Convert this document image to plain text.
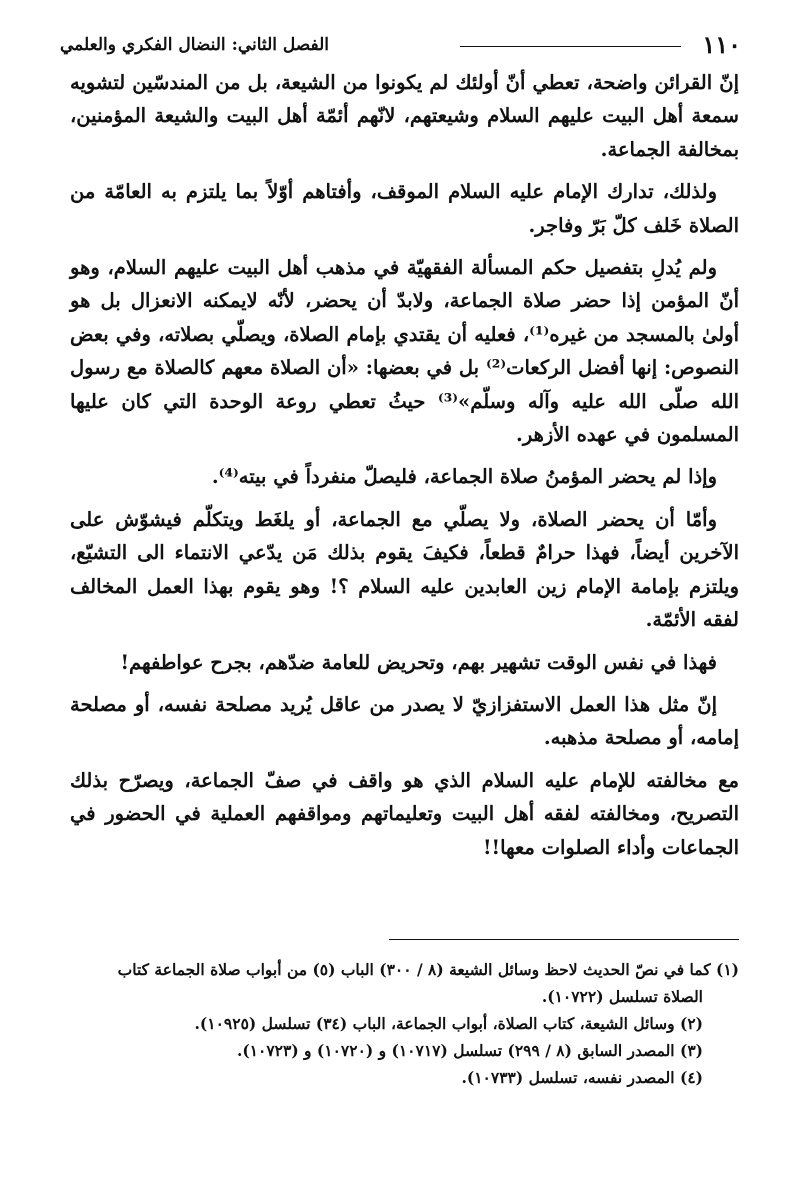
١١٠
الفصل الثاني: النضال الفكري والعلمي

إنّ القرائن واضحة، تعطي أنّ أولئك لم يكونوا من الشيعة، بل من المندسّين لتشويه سمعة أهل البيت عليهم السلام وشيعتهم، لانّهم أئمّة أهل البيت والشيعة المؤمنين، بمخالفة الجماعة.

ولذلك، تدارك الإمام عليه السلام الموقف، وأفتاهم أوّلاً بما يلتزم به العامّة من الصلاة خَلف كلّ بَرّ وفاجر.

ولم يُدلِ بتفصيل حكم المسألة الفقهيّة في مذهب أهل البيت عليهم السلام، وهو أنّ المؤمن إذا حضر صلاة الجماعة، ولابدّ أن يحضر، لأنّه لايمكنه الانعزال بل هو أولىٰ بالمسجد من غيره⁽¹⁾، فعليه أن يقتدي بإمام الصلاة، ويصلّي بصلاته، وفي بعض النصوص: إنها أفضل الركعات⁽²⁾ بل في بعضها: «أن الصلاة معهم كالصلاة مع رسول الله صلّى الله عليه وآله وسلّم»⁽³⁾ حيثُ تعطي روعة الوحدة التي كان عليها المسلمون في عهده الأزهر.

وإذا لم يحضر المؤمنُ صلاة الجماعة، فليصلّ منفرداً في بيته⁽⁴⁾.

وأمّا أن يحضر الصلاة، ولا يصلّي مع الجماعة، أو يلغَط ويتكلّم فيشوّش على الآخرين أيضاً، فهذا حرامٌ قطعاً، فكيفَ يقوم بذلك مَن يدّعي الانتماء الى التشيّع، ويلتزم بإمامة الإمام زين العابدين عليه السلام ؟! وهو يقوم بهذا العمل المخالف لفقه الأئمّة.

فهذا في نفس الوقت تشهير بهم، وتحريض للعامة ضدّهم، بجرح عواطفهم!

إنّ مثل هذا العمل الاستفزازيّ لا يصدر من عاقل يُريد مصلحة نفسه، أو مصلحة إمامه، أو مصلحة مذهبه.

مع مخالفته للإمام عليه السلام الذي هو واقف في صفّ الجماعة، ويصرّح بذلك التصريح، ومخالفته لفقه أهل البيت وتعليماتهم ومواقفهم العملية في الحضور في الجماعات وأداء الصلوات معها!!

(١) كما في نصّ الحديث لاحظ وسائل الشيعة (٨ / ٣٠٠) الباب (٥) من أبواب صلاة الجماعة كتاب

الصلاة تسلسل (١٠٧٢٢).

(٢) وسائل الشيعة، كتاب الصلاة، أبواب الجماعة، الباب (٣٤) تسلسل (١٠٩٢٥).

(٣) المصدر السابق (٨ / ٢٩٩) تسلسل (١٠٧١٧) و (١٠٧٢٠) و (١٠٧٢٣).

(٤) المصدر نفسه، تسلسل (١٠٧٣٣).
